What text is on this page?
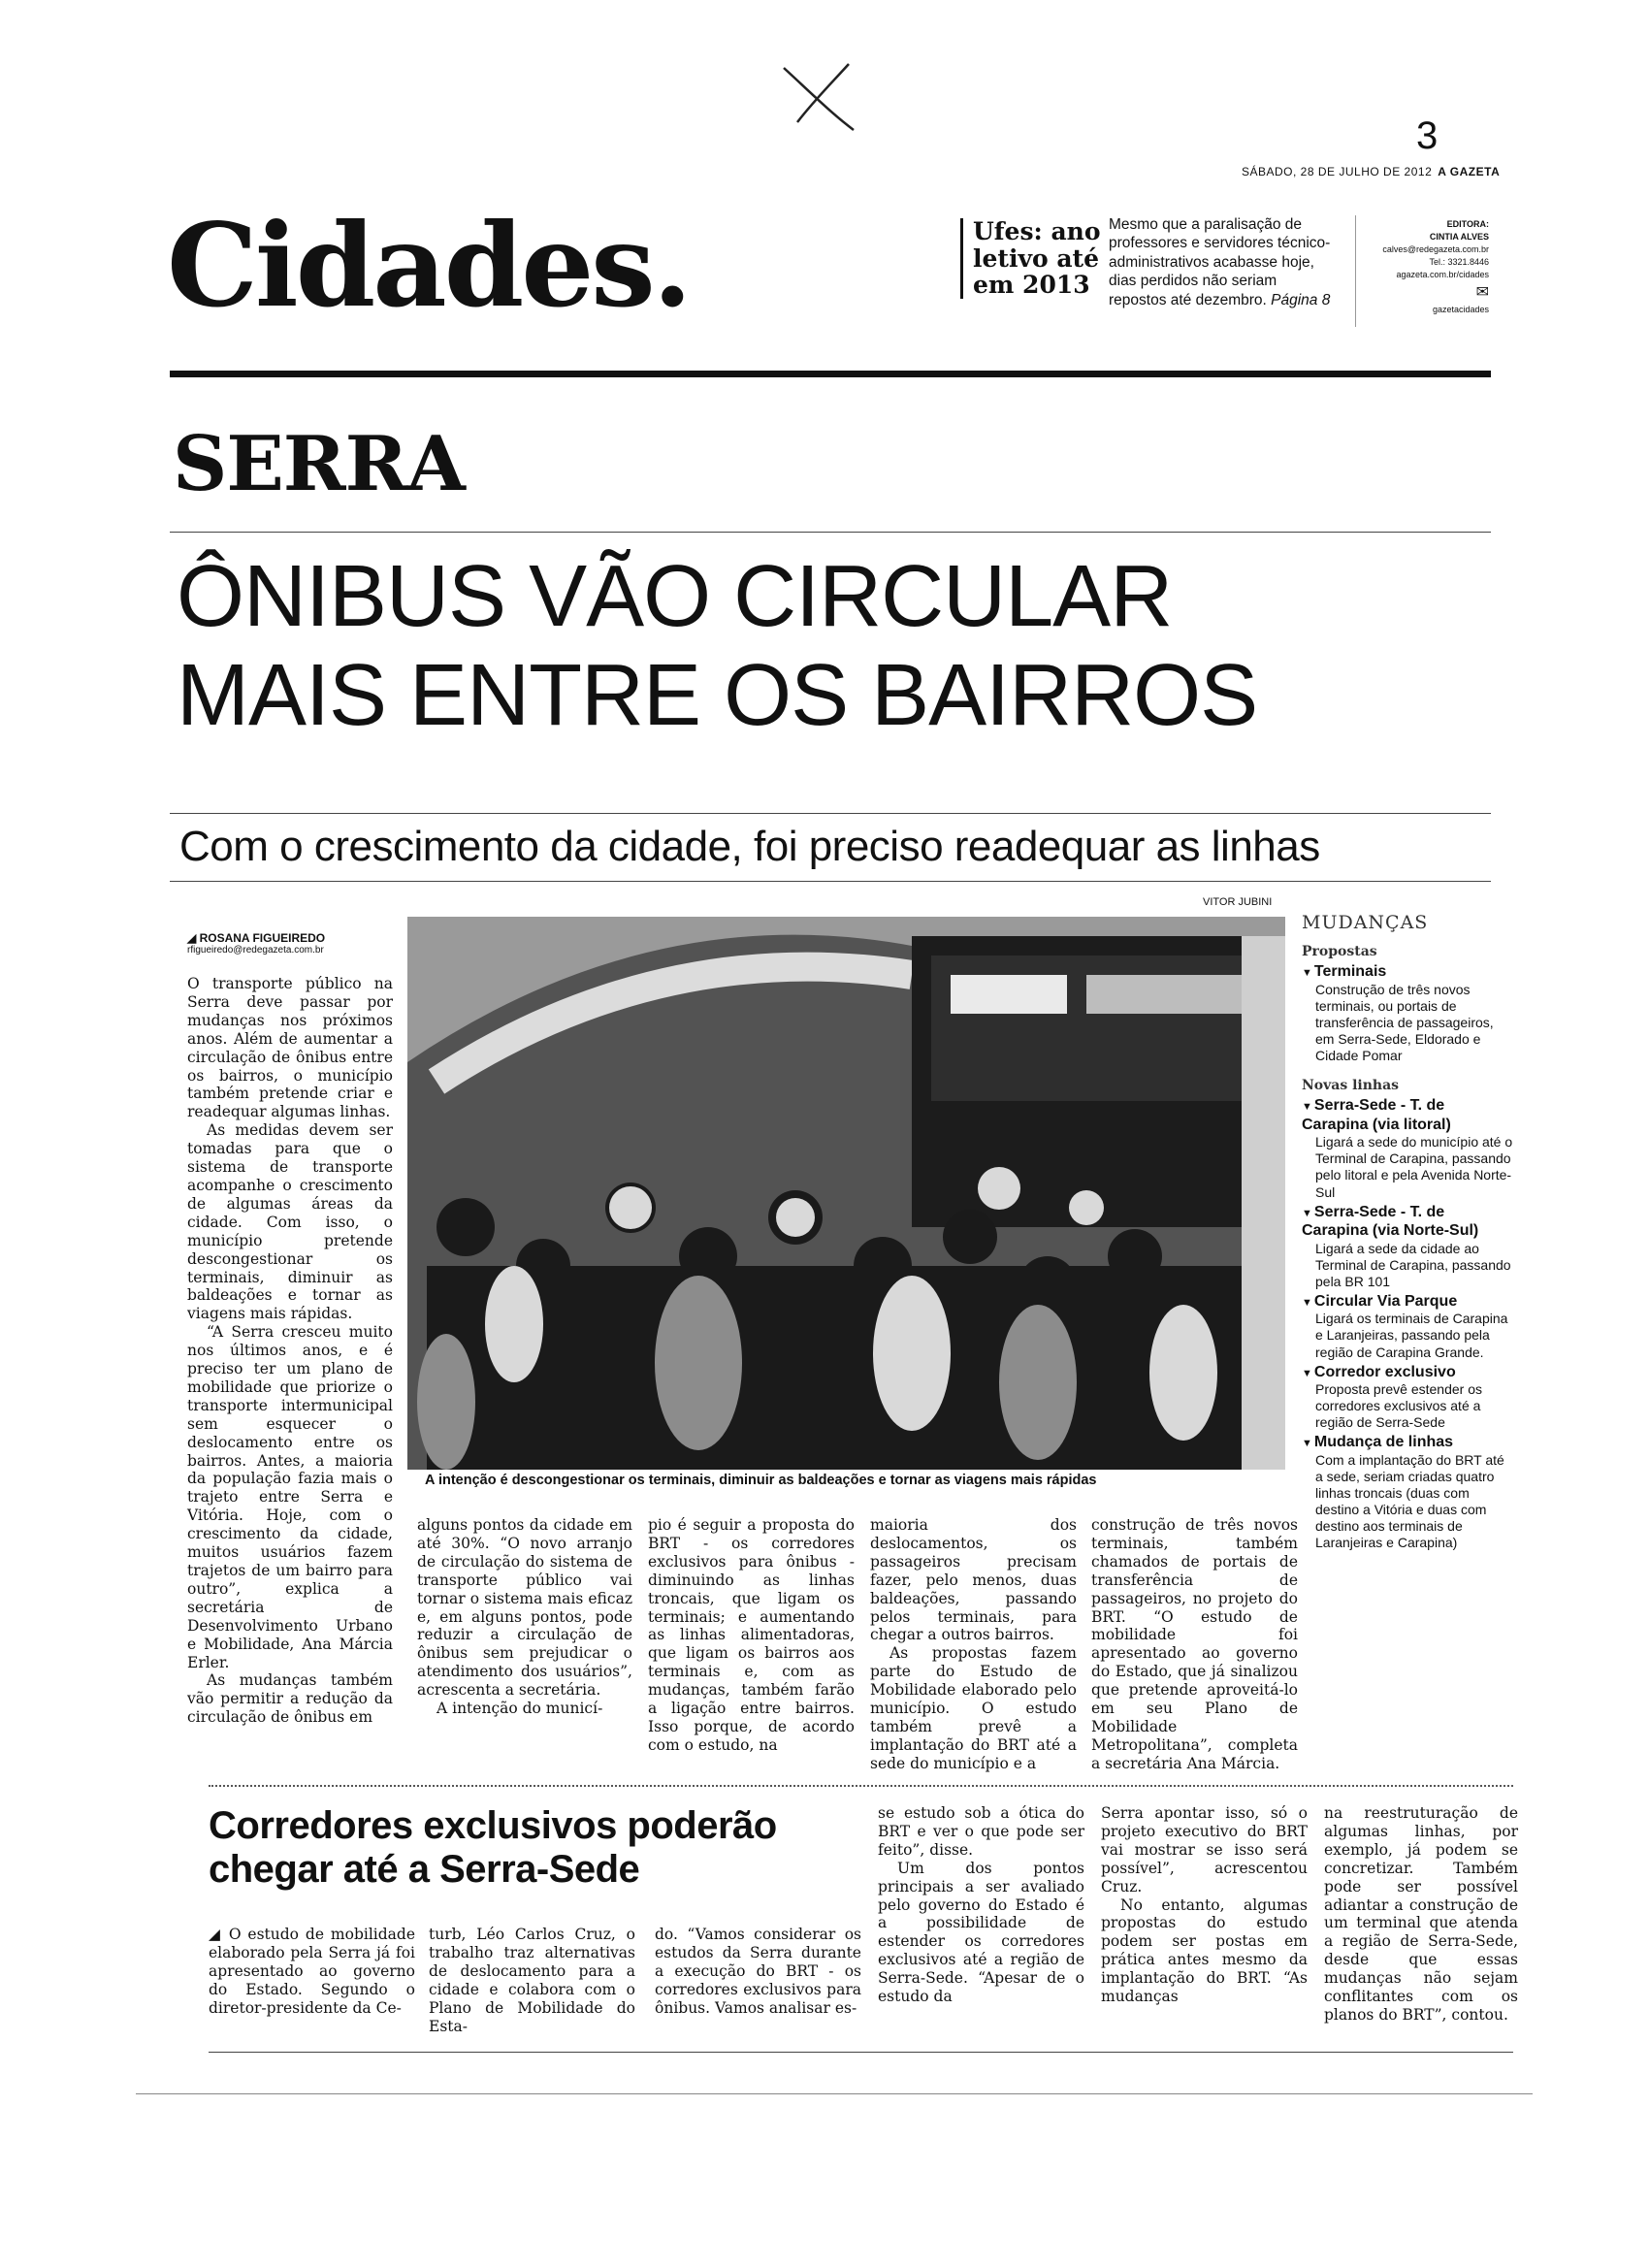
3
SÁBADO, 28 DE JULHO DE 2012 A GAZETA
Cidades.	Ufes: ano letivo até em 2013
Mesmo que a paralisação de professores e servidores técnico-administrativos acabasse hoje, dias perdidos não seriam repostos até dezembro. Página 8
EDITORA:
CINTIA ALVES
calves@redegazeta.com.br
Tel.: 3321.8446
agazeta.com.br/cidades
✉
gazetacidades
SERRA
ÔNIBUS VÃO CIRCULAR
MAIS ENTRE OS BAIRROS
Com o crescimento da cidade, foi preciso readequar as linhas
VITOR JUBINI
A intenção é descongestionar os terminais, diminuir as baldeações e tornar as viagens mais rápidas
◢ ROSANA FIGUEIREDO
rfigueiredo@redegazeta.com.br

O transporte público na Serra deve passar por mudanças nos próximos anos. Além de aumentar a circulação de ônibus entre os bairros, o município também pretende criar e readequar algumas linhas.

As medidas devem ser tomadas para que o sistema de transporte acompanhe o crescimento de algumas áreas da cidade. Com isso, o município pretende descongestionar os terminais, diminuir as baldeações e tornar as viagens mais rápidas.

“A Serra cresceu muito nos últimos anos, e é preciso ter um plano de mobilidade que priorize o transporte intermunicipal sem esquecer o deslocamento entre os bairros. Antes, a maioria da população fazia mais o trajeto entre Serra e Vitória. Hoje, com o crescimento da cidade, muitos usuários fazem trajetos de um bairro para outro”, explica a secretária de Desenvolvimento Urbano e Mobilidade, Ana Márcia Erler.

As mudanças também vão permitir a redução da circulação de ônibus em

alguns pontos da cidade em até 30%. “O novo arranjo de circulação do sistema de transporte público vai tornar o sistema mais eficaz e, em alguns pontos, pode reduzir a circulação de ônibus sem prejudicar o atendimento dos usuários”, acrescenta a secretária.

A intenção do municí-

pio é seguir a proposta do BRT - os corredores exclusivos para ônibus - diminuindo as linhas troncais, que ligam os terminais; e aumentando as linhas alimentadoras, que ligam os bairros aos terminais e, com as mudanças, também farão a ligação entre bairros. Isso porque, de acordo com o estudo, na

maioria dos deslocamentos, os passageiros precisam fazer, pelo menos, duas baldeações, passando pelos terminais, para chegar a outros bairros.

As propostas fazem parte do Estudo de Mobilidade elaborado pelo município. O estudo também prevê a implantação do BRT até a sede do município e a

construção de três novos terminais, também chamados de portais de transferência de passageiros, no projeto do BRT. “O estudo de mobilidade foi apresentado ao governo do Estado, que já sinalizou que pretende aproveitá-lo em seu Plano de Mobilidade Metropolitana”, completa a secretária Ana Márcia.

MUDANÇAS
Propostas
▼ Terminais
Construção de três novos terminais, ou portais de transferência de passageiros, em Serra-Sede, Eldorado e Cidade Pomar
Novas linhas
▼ Serra-Sede - T. de Carapina (via litoral)
Ligará a sede do município até o Terminal de Carapina, passando pelo litoral e pela Avenida Norte-Sul
▼ Serra-Sede - T. de Carapina (via Norte-Sul)
Ligará a sede da cidade ao Terminal de Carapina, passando pela BR 101
▼ Circular Via Parque
Ligará os terminais de Carapina e Laranjeiras, passando pela região de Carapina Grande.
▼ Corredor exclusivo
Proposta prevê estender os corredores exclusivos até a região de Serra-Sede
▼ Mudança de linhas
Com a implantação do BRT até a sede, seriam criadas quatro linhas troncais (duas com destino a Vitória e duas com destino aos terminais de Laranjeiras e Carapina)
Corredores exclusivos poderão chegar até a Serra-Sede

◢ O estudo de mobilidade elaborado pela Serra já foi apresentado ao governo do Estado. Segundo o diretor-presidente da Ce-

turb, Léo Carlos Cruz, o trabalho traz alternativas de deslocamento para a cidade e colabora com o Plano de Mobilidade do Esta-

do. “Vamos considerar os estudos da Serra durante a execução do BRT - os corredores exclusivos para ônibus. Vamos analisar es-

se estudo sob a ótica do BRT e ver o que pode ser feito”, disse.

Um dos pontos principais a ser avaliado pelo governo do Estado é a possibilidade de estender os corredores exclusivos até a região de Serra-Sede. “Apesar de o estudo da

Serra apontar isso, só o projeto executivo do BRT vai mostrar se isso será possível”, acrescentou Cruz.

No entanto, algumas propostas do estudo podem ser postas em prática antes mesmo da implantação do BRT. “As mudanças

na reestruturação de algumas linhas, por exemplo, já podem se concretizar. Também pode ser possível adiantar a construção de um terminal que atenda a região de Serra-Sede, desde que essas mudanças não sejam conflitantes com os planos do BRT”, contou.
